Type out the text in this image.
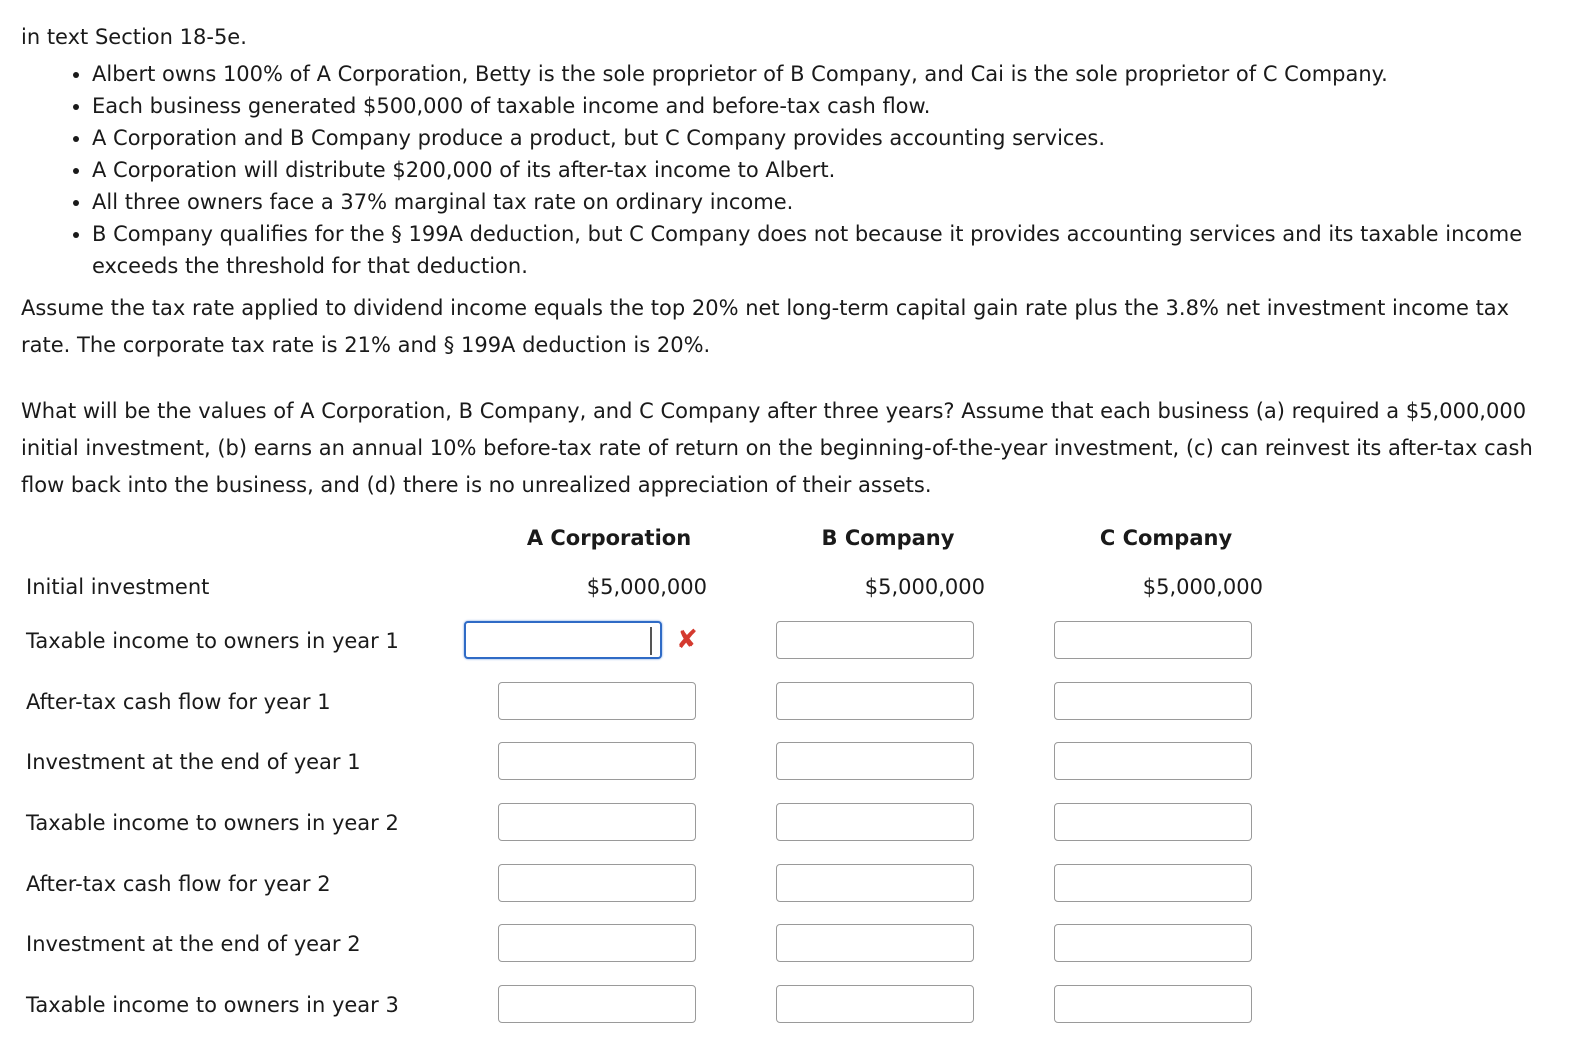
in text Section 18-5e.
• Albert owns 100% of A Corporation, Betty is the sole proprietor of B Company, and Cai is the sole proprietor of C Company.
• Each business generated $500,000 of taxable income and before-tax cash flow.
• A Corporation and B Company produce a product, but C Company provides accounting services.
• A Corporation will distribute $200,000 of its after-tax income to Albert.
• All three owners face a 37% marginal tax rate on ordinary income.
• B Company qualifies for the § 199A deduction, but C Company does not because it provides accounting services and its taxable income exceeds the threshold for that deduction.
Assume the tax rate applied to dividend income equals the top 20% net long-term capital gain rate plus the 3.8% net investment income tax rate. The corporate tax rate is 21% and § 199A deduction is 20%.
What will be the values of A Corporation, B Company, and C Company after three years? Assume that each business (a) required a $5,000,000 initial investment, (b) earns an annual 10% before-tax rate of return on the beginning-of-the-year investment, (c) can reinvest its after-tax cash flow back into the business, and (d) there is no unrealized appreciation of their assets.
A Corporation	B Company	C Company
Initial investment	$5,000,000	$5,000,000	$5,000,000
Taxable income to owners in year 1
After-tax cash flow for year 1
Investment at the end of year 1
Taxable income to owners in year 2
After-tax cash flow for year 2
Investment at the end of year 2
Taxable income to owners in year 3
✘
